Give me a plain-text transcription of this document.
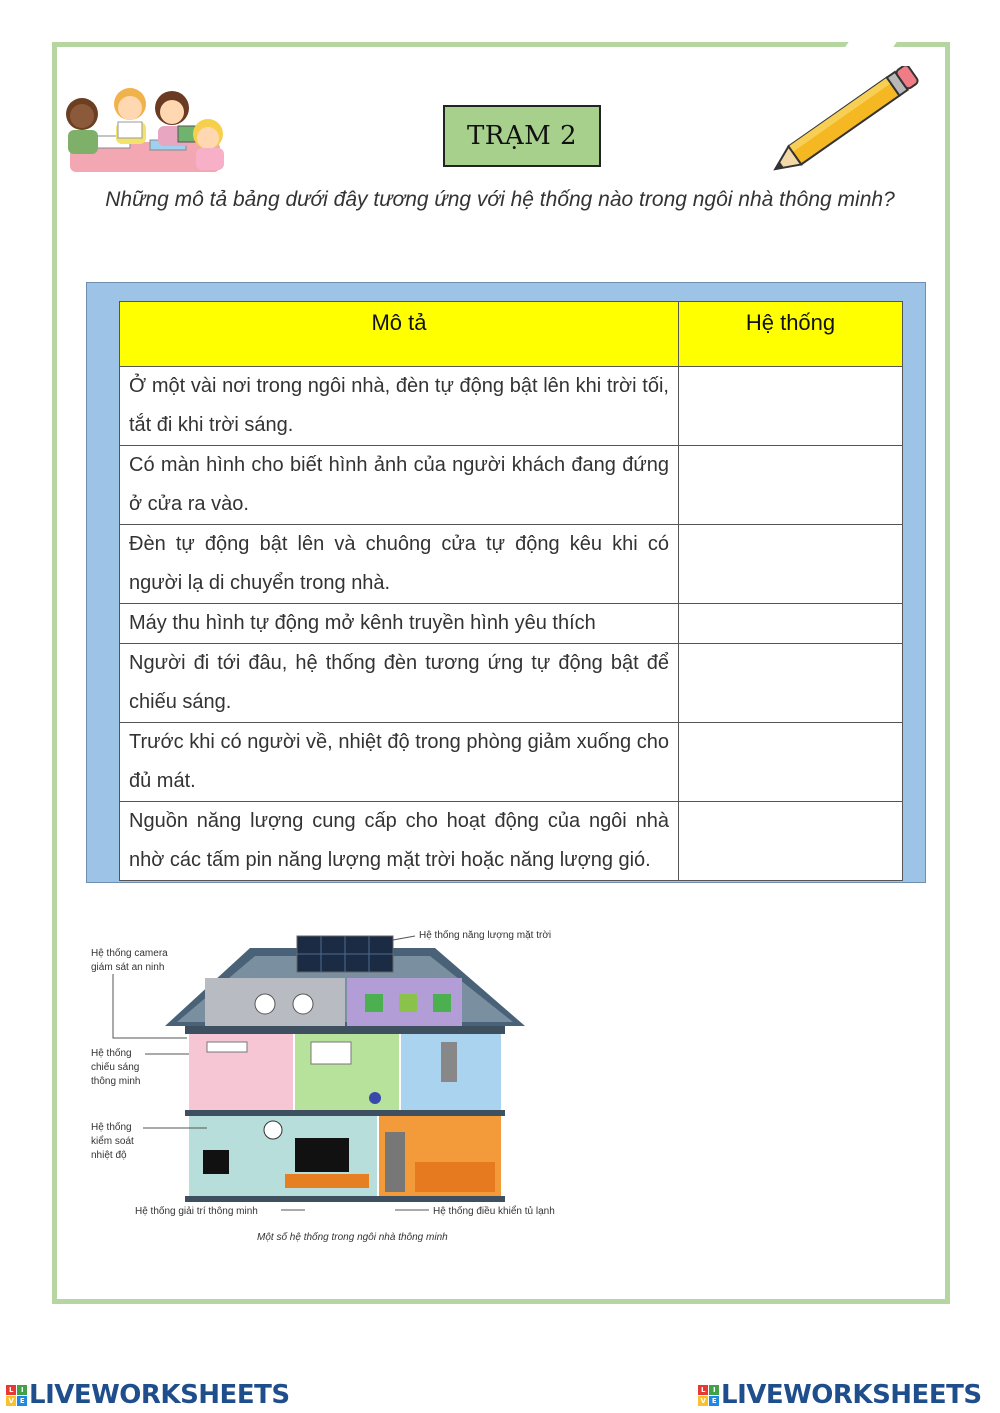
TRẠM 2
Những mô tả bảng dưới đây tương ứng với hệ thống nào trong ngôi nhà thông minh?
Mô tả	Hệ thống
Ở một vài nơi trong ngôi nhà, đèn tự động bật lên khi trời tối, tắt đi khi trời sáng.	
Có màn hình cho biết hình ảnh của người khách đang đứng ở cửa ra vào.	
Đèn tự động bật lên và chuông cửa tự động kêu khi có người lạ di chuyển trong nhà.	
Máy thu hình tự động mở kênh truyền hình yêu thích	
Người đi tới đâu, hệ thống đèn tương ứng tự động bật để chiếu sáng.	
Trước khi có người về, nhiệt độ trong phòng giảm xuống cho đủ mát.	
Nguồn năng lượng cung cấp cho hoạt động của ngôi nhà nhờ các tấm pin năng lượng mặt trời hoặc năng lượng gió.	
Hệ thống camera
giám sát an ninh
Hệ thống năng lượng mặt trời
Hệ thống
chiếu sáng
thông minh
Hệ thống
kiểm soát
nhiệt độ
Hệ thống giải trí thông minh	Hệ thống điều khiển tủ lạnh
Một số hệ thống trong ngôi nhà thông minh
L	I
V E LIVEWORKSHEETS	L	I
V E LIVEWORKSHEETS
